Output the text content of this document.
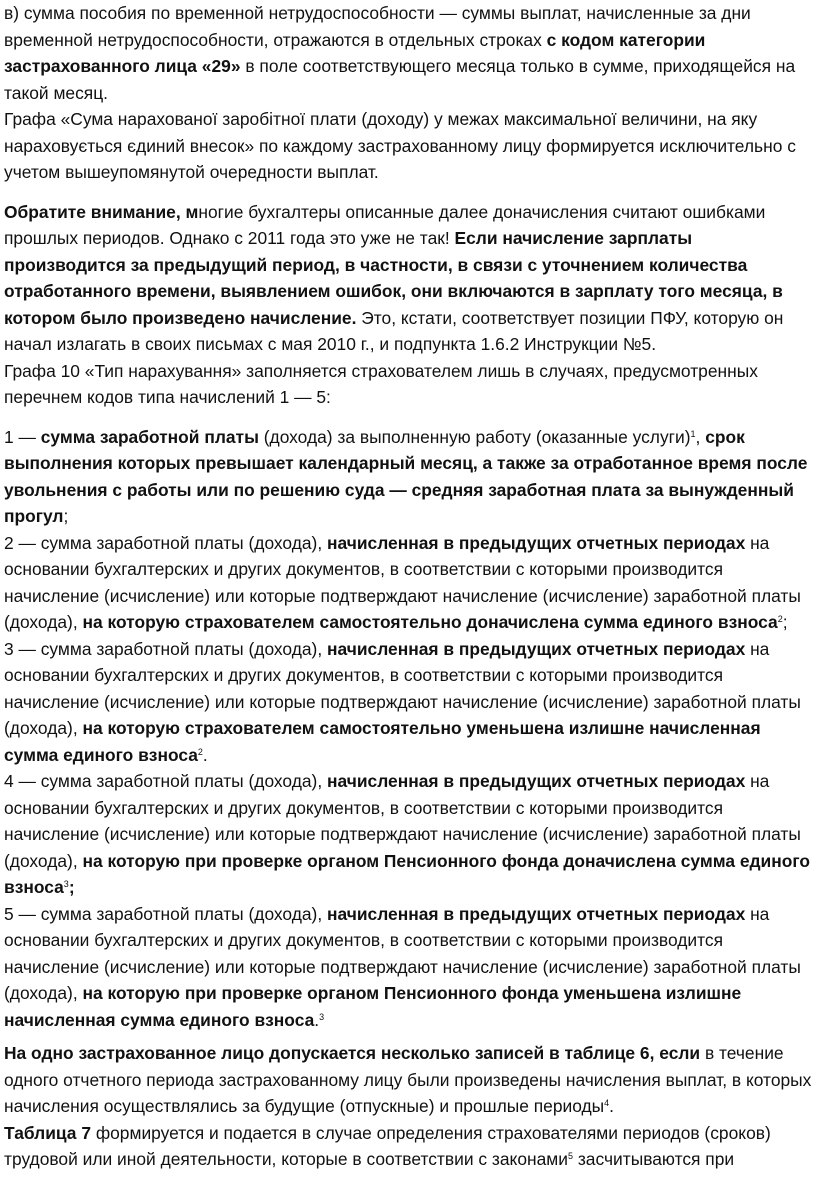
в) сумма пособия по временной нетрудоспособности — суммы выплат, начисленные за дни временной нетрудоспособности, отражаются в отдельных строках с кодом категории застрахованного лица «29» в поле соответствующего месяца только в сумме, приходящейся на такой месяц.

Графа «Сума нарахованої заробітної плати (доходу) у межах максимальної величини, на яку нараховується єдиний внесок» по каждому застрахованному лицу формируется исключительно с учетом вышеупомянутой очередности выплат.

Обратите внимание, многие бухгалтеры описанные далее доначисления считают ошибками прошлых периодов. Однако с 2011 года это уже не так! Если начисление зарплаты производится за предыдущий период, в частности, в связи с уточнением количества отработанного времени, выявлением ошибок, они включаются в зарплату того месяца, в котором было произведено начисление. Это, кстати, соответствует позиции ПФУ, которую он начал излагать в своих письмах с мая 2010 г., и подпункта 1.6.2 Инструкции №5.

Графа 10 «Тип нарахування» заполняется страхователем лишь в случаях, предусмотренных перечнем кодов типа начислений 1 — 5:

1 — сумма заработной платы (дохода) за выполненную работу (оказанные услуги)$^1$, срок выполнения которых превышает календарный месяц, а также за отработанное время после увольнения с работы или по решению суда — средняя заработная плата за вынужденный прогул;

2 — сумма заработной платы (дохода), начисленная в предыдущих отчетных периодах на основании бухгалтерских и других документов, в соответствии с которыми производится начисление (исчисление) или которые подтверждают начисление (исчисление) заработной платы (дохода), на которую страхователем самостоятельно доначислена сумма единого взноса$^2$;

3 — сумма заработной платы (дохода), начисленная в предыдущих отчетных периодах на основании бухгалтерских и других документов, в соответствии с которыми производится начисление (исчисление) или которые подтверждают начисление (исчисление) заработной платы (дохода), на которую страхователем самостоятельно уменьшена излишне начисленная сумма единого взноса$^2$.

4 — сумма заработной платы (дохода), начисленная в предыдущих отчетных периодах на основании бухгалтерских и других документов, в соответствии с которыми производится начисление (исчисление) или которые подтверждают начисление (исчисление) заработной платы (дохода), на которую при проверке органом Пенсионного фонда доначислена сумма единого взноса$^3$;

5 — сумма заработной платы (дохода), начисленная в предыдущих отчетных периодах на основании бухгалтерских и других документов, в соответствии с которыми производится начисление (исчисление) или которые подтверждают начисление (исчисление) заработной платы (дохода), на которую при проверке органом Пенсионного фонда уменьшена излишне начисленная сумма единого взноса.$^3$

На одно застрахованное лицо допускается несколько записей в таблице 6, если в течение одного отчетного периода застрахованному лицу были произведены начисления выплат, в которых начисления осуществлялись за будущие (отпускные) и прошлые периоды$^4$.

Таблица 7 формируется и подается в случае определения страхователями периодов (сроков) трудовой или иной деятельности, которые в соответствии с законами$^5$ засчитываются при
